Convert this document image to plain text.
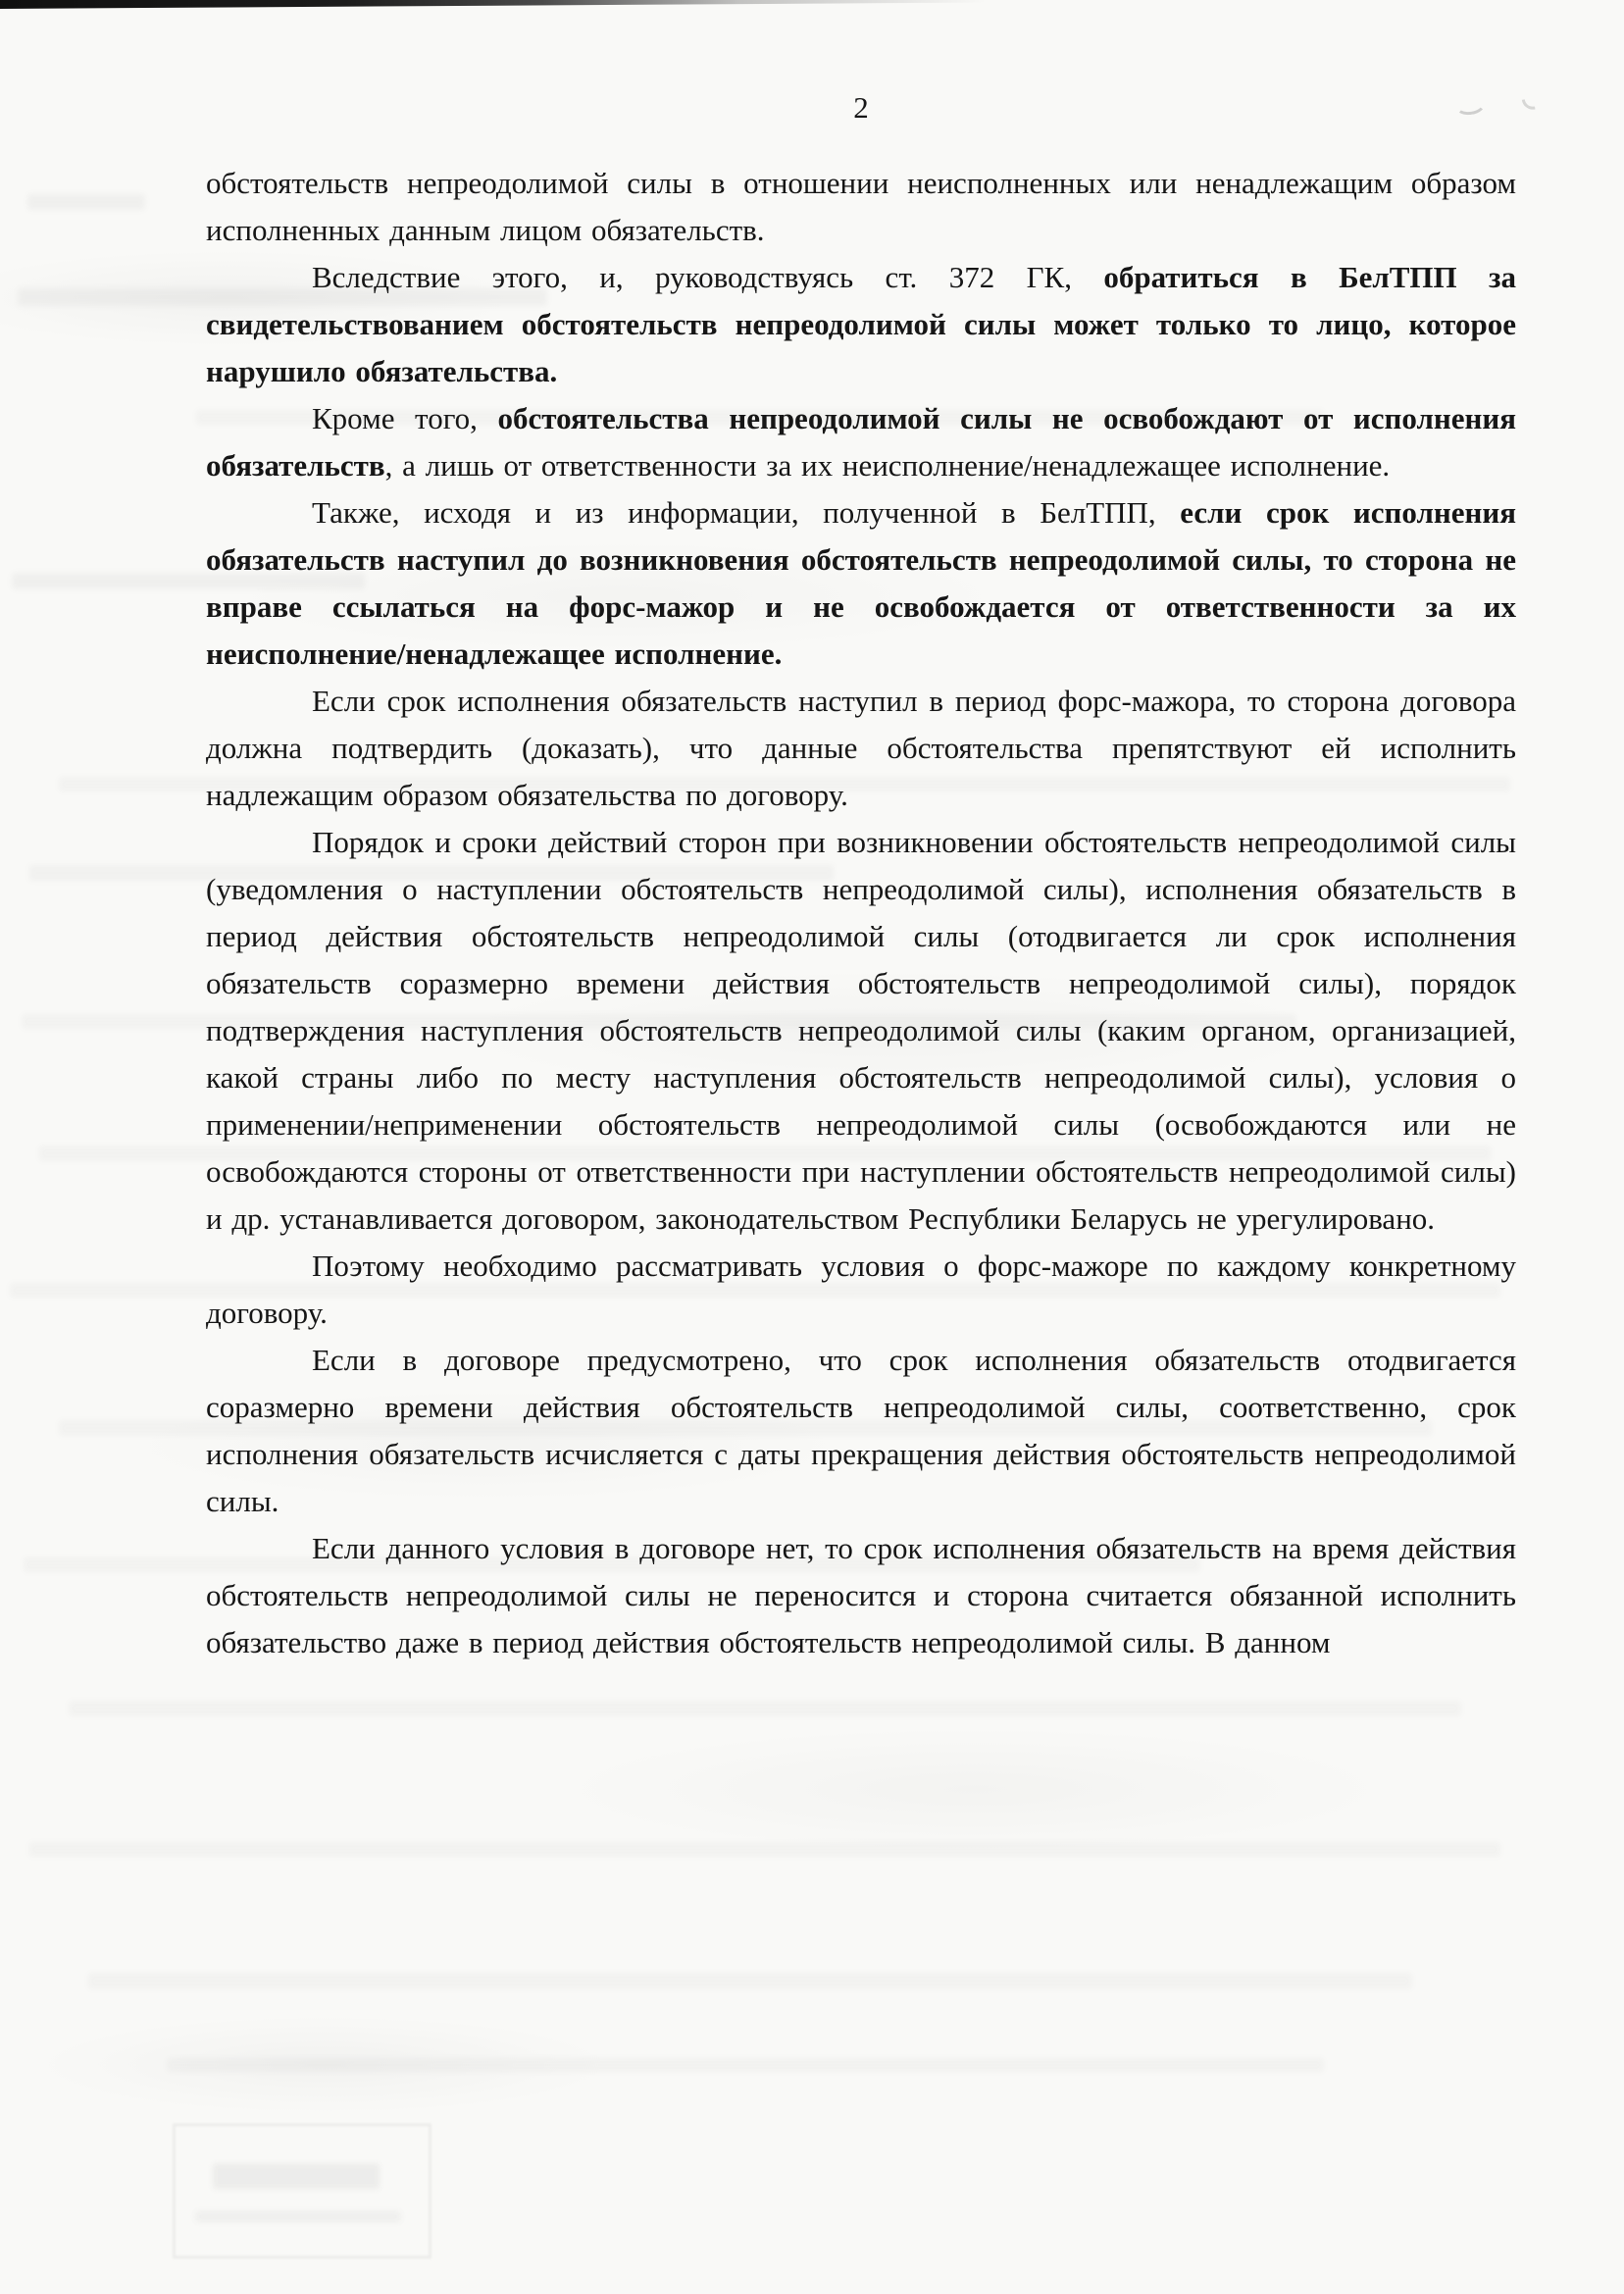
2

обстоятельств непреодолимой силы в отношении неисполненных или ненадлежащим образом исполненных данным лицом обязательств.

Вследствие этого, и, руководствуясь ст. 372 ГК, обратиться в БелТПП за свидетельствованием обстоятельств непреодолимой силы может только то лицо, которое нарушило обязательства.

Кроме того, обстоятельства непреодолимой силы не освобождают от исполнения обязательств, а лишь от ответственности за их неисполнение/ненадлежащее исполнение.

Также, исходя и из информации, полученной в БелТПП, если срок исполнения обязательств наступил до возникновения обстоятельств непреодолимой силы, то сторона не вправе ссылаться на форс-мажор и не освобождается от ответственности за их неисполнение/ненадлежащее исполнение.

Если срок исполнения обязательств наступил в период форс-мажора, то сторона договора должна подтвердить (доказать), что данные обстоятельства препятствуют ей исполнить надлежащим образом обязательства по договору.

Порядок и сроки действий сторон при возникновении обстоятельств непреодолимой силы (уведомления о наступлении обстоятельств непреодолимой силы), исполнения обязательств в период действия обстоятельств непреодолимой силы (отодвигается ли срок исполнения обязательств соразмерно времени действия обстоятельств непреодолимой силы), порядок подтверждения наступления обстоятельств непреодолимой силы (каким органом, организацией, какой страны либо по месту наступления обстоятельств непреодолимой силы), условия о применении/неприменении обстоятельств непреодолимой силы (освобождаются или не освобождаются стороны от ответственности при наступлении обстоятельств непреодолимой силы) и др. устанавливается договором, законодательством Республики Беларусь не урегулировано.

Поэтому необходимо рассматривать условия о форс-мажоре по каждому конкретному договору.

Если в договоре предусмотрено, что срок исполнения обязательств отодвигается соразмерно времени действия обстоятельств непреодолимой силы, соответственно, срок исполнения обязательств исчисляется с даты прекращения действия обстоятельств непреодолимой силы.

Если данного условия в договоре нет, то срок исполнения обязательств на время действия обстоятельств непреодолимой силы не переносится и сторона считается обязанной исполнить обязательство даже в период действия обстоятельств непреодолимой силы. В данном
